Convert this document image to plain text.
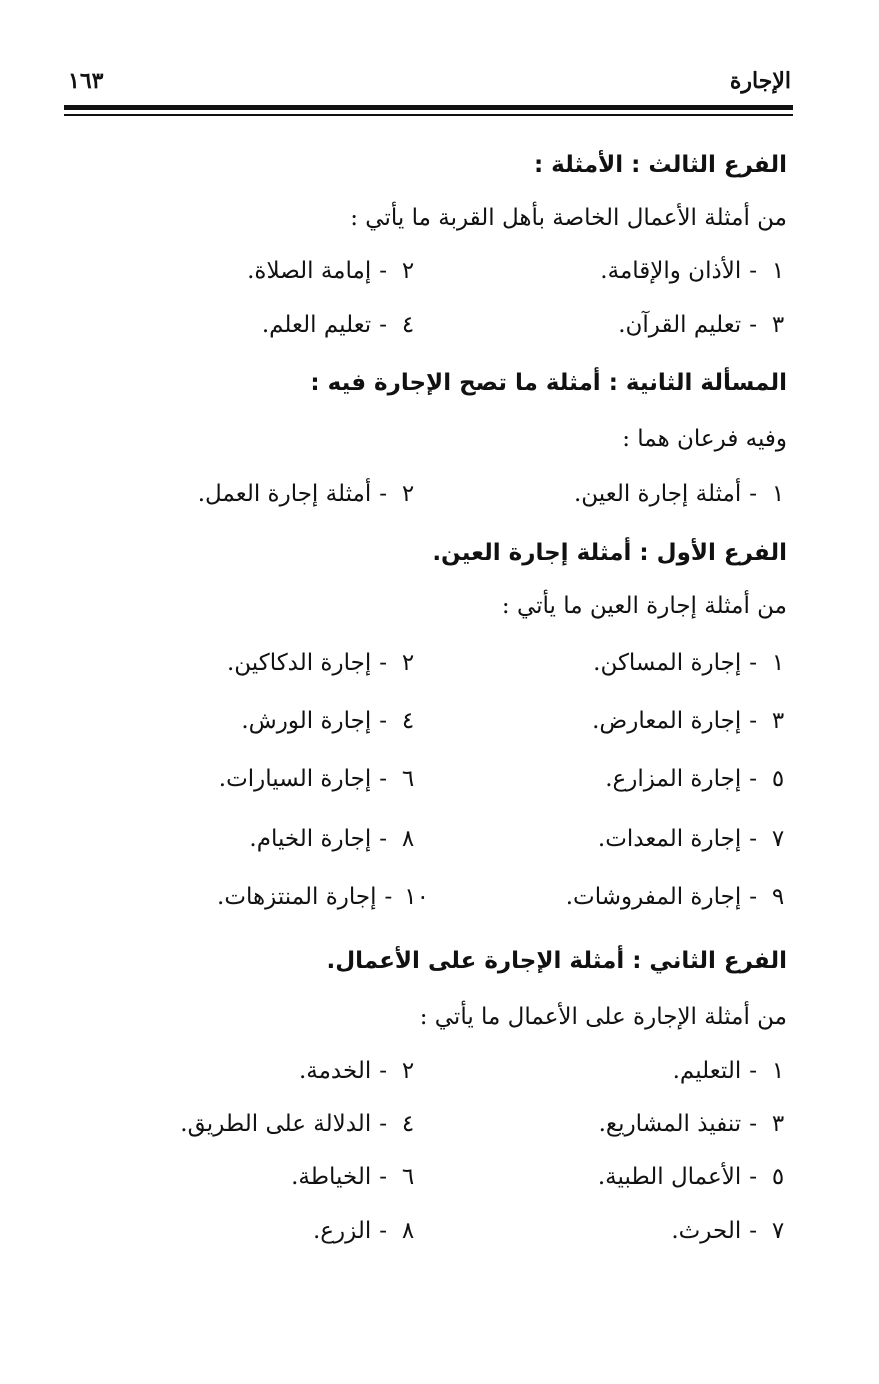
الإجارة
١٦٣
الفرع الثالث : الأمثلة :
من أمثلة الأعمال الخاصة بأهل القربة ما يأتي :
١-الأذان والإقامة.
٢-إمامة الصلاة.
٣-تعليم القرآن.
٤-تعليم العلم.
المسألة الثانية : أمثلة ما تصح الإجارة فيه :
وفيه فرعان هما :
١-أمثلة إجارة العين.
٢-أمثلة إجارة العمل.
الفرع الأول : أمثلة إجارة العين.
من أمثلة إجارة العين ما يأتي :
١-إجارة المساكن.
٢-إجارة الدكاكين.
٣-إجارة المعارض.
٤-إجارة الورش.
٥-إجارة المزارع.
٦-إجارة السيارات.
٧-إجارة المعدات.
٨-إجارة الخيام.
٩-إجارة المفروشات.
١٠-إجارة المنتزهات.
الفرع الثاني : أمثلة الإجارة على الأعمال.
من أمثلة الإجارة على الأعمال ما يأتي :
١-التعليم.
٢-الخدمة.
٣-تنفيذ المشاريع.
٤-الدلالة على الطريق.
٥-الأعمال الطبية.
٦-الخياطة.
٧-الحرث.
٨-الزرع.
